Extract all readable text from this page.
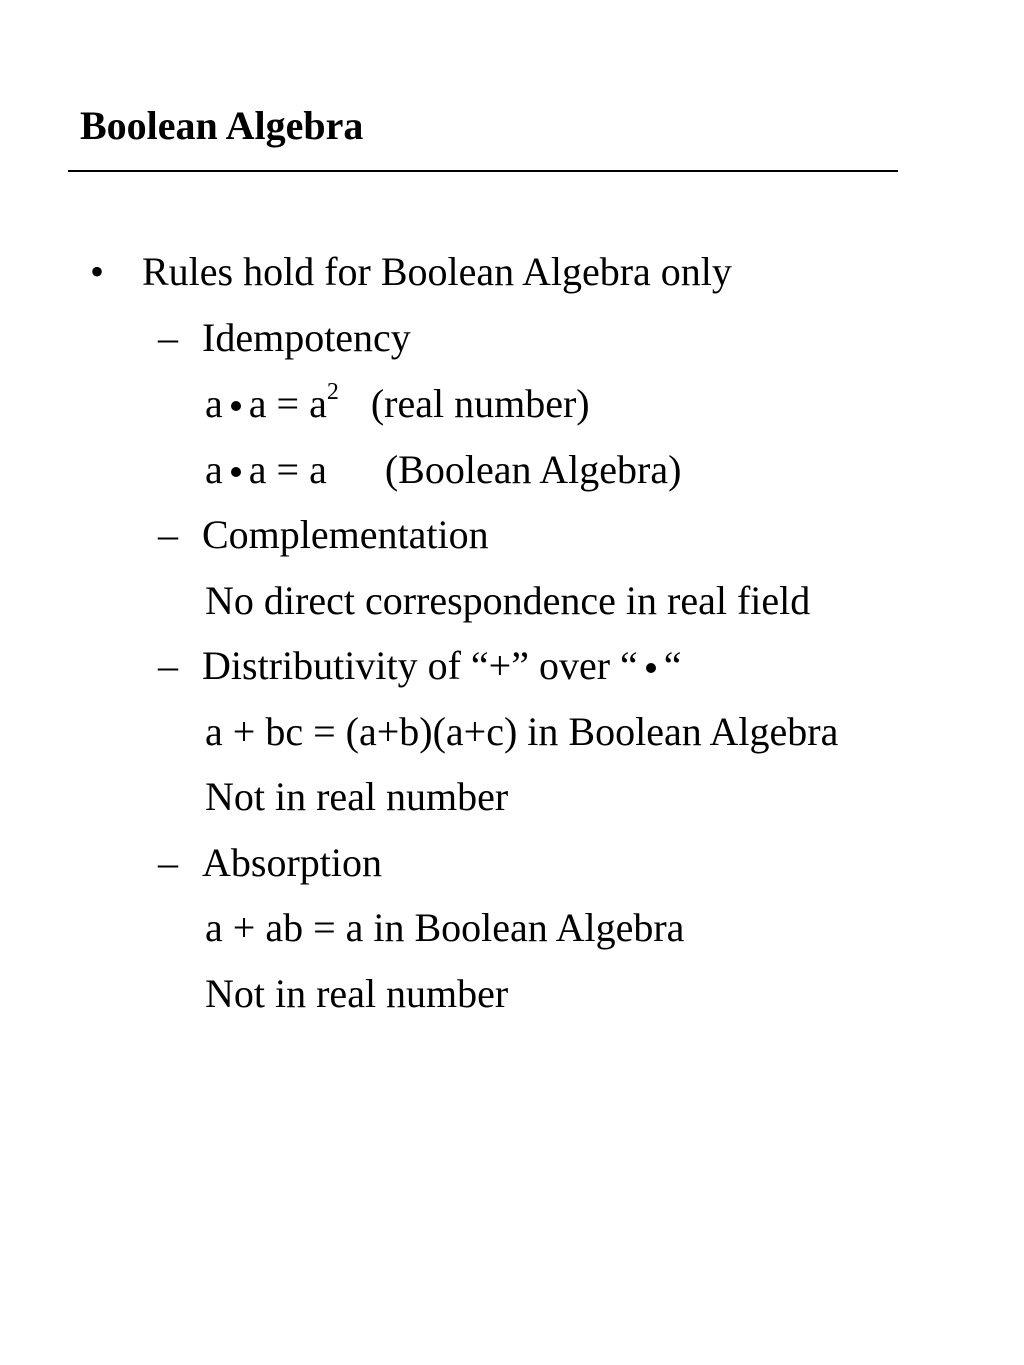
Boolean Algebra
• Rules hold for Boolean Algebra only
– Idempotency
a $a = a^2$ (real number)
a a = a (Boolean Algebra)
– Complementation
No direct correspondence in real field
– Distributivity of “+” over “ “
a + bc = (a+b)(a+c) in Boolean Algebra
Not in real number
– Absorption
a + ab = a in Boolean Algebra
Not in real number
